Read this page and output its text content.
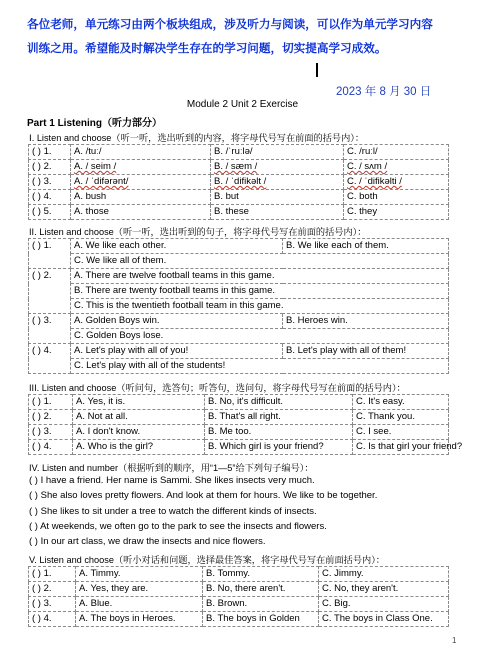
各位老师，单元练习由两个板块组成，涉及听力与阅读，可以作为单元学习内容
训练之用。希望能及时解决学生存在的学习问题，切实提高学习成效。
2023 年 8 月 30 日
Module 2 Unit 2 Exercise
Part 1 Listening（听力部分）
Ⅰ. Listen and choose（听一听，选出听到的内容，将字母代号写在前面的括号内）：
( ) 1.	A. /tuː/	B. /ˈruːlə/	C. /ruːl/
( ) 2.	A. / seim /	B. / sæm /	C. / sʌm /
( ) 3.	A. / ˈdifərənt/	B. / ˈdifikəlt /	C. / ˈdifikəlti /
( ) 4.	A. bush	B. but	C. both
( ) 5.	A. those	B. these	C. they
II. Listen and choose（听一听，选出听到的句子，将字母代号写在前面的括号内）：
( ) 1.	A. We like each other.	B. We like each of them.
	C. We like all of them.	
( ) 2.	A. There are twelve football teams in this game.	
	B. There are twenty football teams in this game.	
	C. This is the twentieth football team in this game.	
( ) 3.	A. Golden Boys win.	B. Heroes win.
	C. Golden Boys lose.	
( ) 4.	A. Let's play with all of you!	B. Let's play with all of them!
	C. Let's play with all of the students!	
III. Listen and choose（听问句，选答句；听答句，选问句，将字母代号写在前面的括号内）：
( ) 1.	A. Yes, it is.	B. No, it's difficult.	C. It's easy.
( ) 2.	A. Not at all.	B. That's all right.	C. Thank you.
( ) 3.	A. I don't know.	B. Me too.	C. I see.
( ) 4.	A. Who is the girl?	B. Which girl is your friend?	C. Is that girl your friend?
IV. Listen and number（根据听到的顺序，用“1—5”给下列句子编号）：
( ) I have a friend. Her name is Sammi. She likes insects very much.
( ) She also loves pretty flowers. And look at them for hours. We like to be together.
( ) She likes to sit under a tree to watch the different kinds of insects.
( ) At weekends, we often go to the park to see the insects and flowers.
( ) In our art class, we draw the insects and nice flowers.
V. Listen and choose（听小对话和问题，选择最佳答案，将字母代号写在前面括号内）：
( ) 1.	A. Timmy.	B. Tommy.	C. Jimmy.
( ) 2.	A. Yes, they are.	B. No, there aren't.	C. No, they aren't.
( ) 3.	A. Blue.	B. Brown.	C. Big.
( ) 4.	A. The boys in Heroes.	B. The boys in Golden	C. The boys in Class One.
1
